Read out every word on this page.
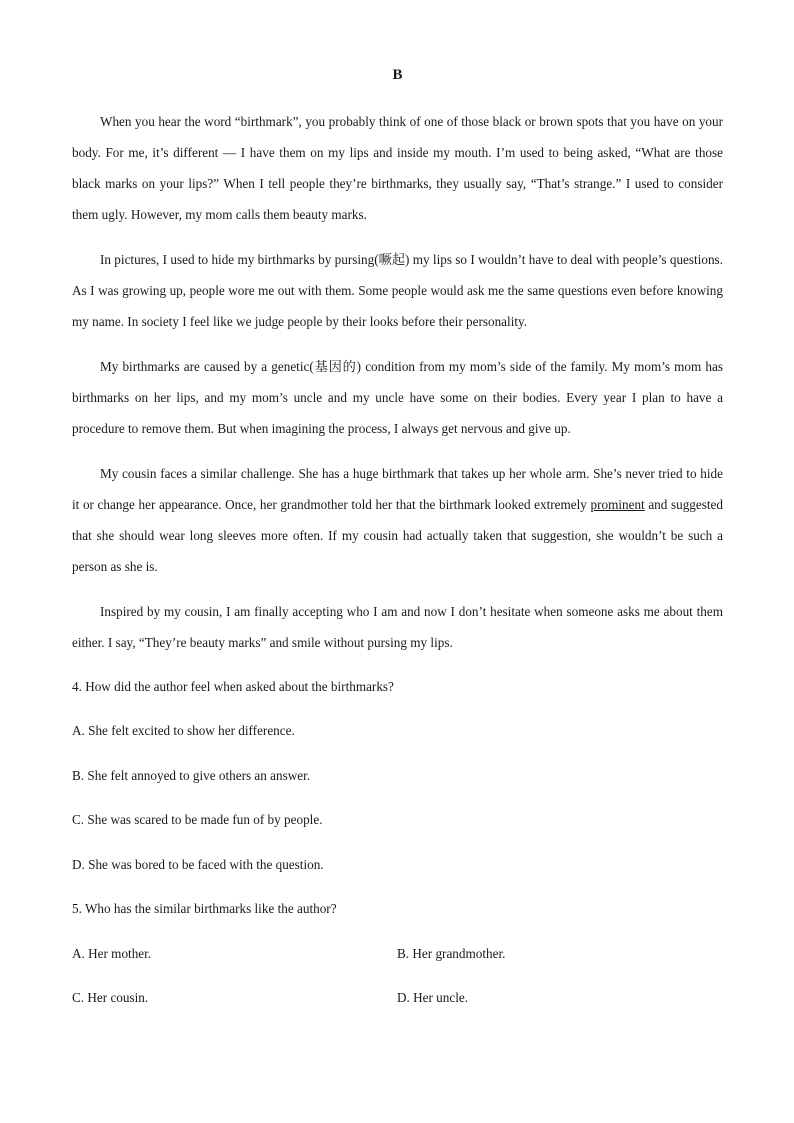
B

When you hear the word “birthmark”, you probably think of one of those black or brown spots that you have on your body. For me, it’s different — I have them on my lips and inside my mouth. I’m used to being asked, “What are those black marks on your lips?” When I tell people they’re birthmarks, they usually say, “That’s strange.” I used to consider them ugly. However, my mom calls them beauty marks.

In pictures, I used to hide my birthmarks by pursing(噘起) my lips so I wouldn’t have to deal with people’s questions. As I was growing up, people wore me out with them. Some people would ask me the same questions even before knowing my name. In society I feel like we judge people by their looks before their personality.

My birthmarks are caused by a genetic(基因的) condition from my mom’s side of the family. My mom’s mom has birthmarks on her lips, and my mom’s uncle and my uncle have some on their bodies. Every year I plan to have a procedure to remove them. But when imagining the process, I always get nervous and give up.

My cousin faces a similar challenge. She has a huge birthmark that takes up her whole arm. She’s never tried to hide it or change her appearance. Once, her grandmother told her that the birthmark looked extremely prominent and suggested that she should wear long sleeves more often. If my cousin had actually taken that suggestion, she wouldn’t be such a person as she is.

Inspired by my cousin, I am finally accepting who I am and now I don’t hesitate when someone asks me about them either. I say, “They’re beauty marks” and smile without pursing my lips.

4. How did the author feel when asked about the birthmarks?
A. She felt excited to show her difference.
B. She felt annoyed to give others an answer.
C. She was scared to be made fun of by people.
D. She was bored to be faced with the question.
5. Who has the similar birthmarks like the author?
A. Her mother.	B. Her grandmother.
C. Her cousin.	D. Her uncle.
